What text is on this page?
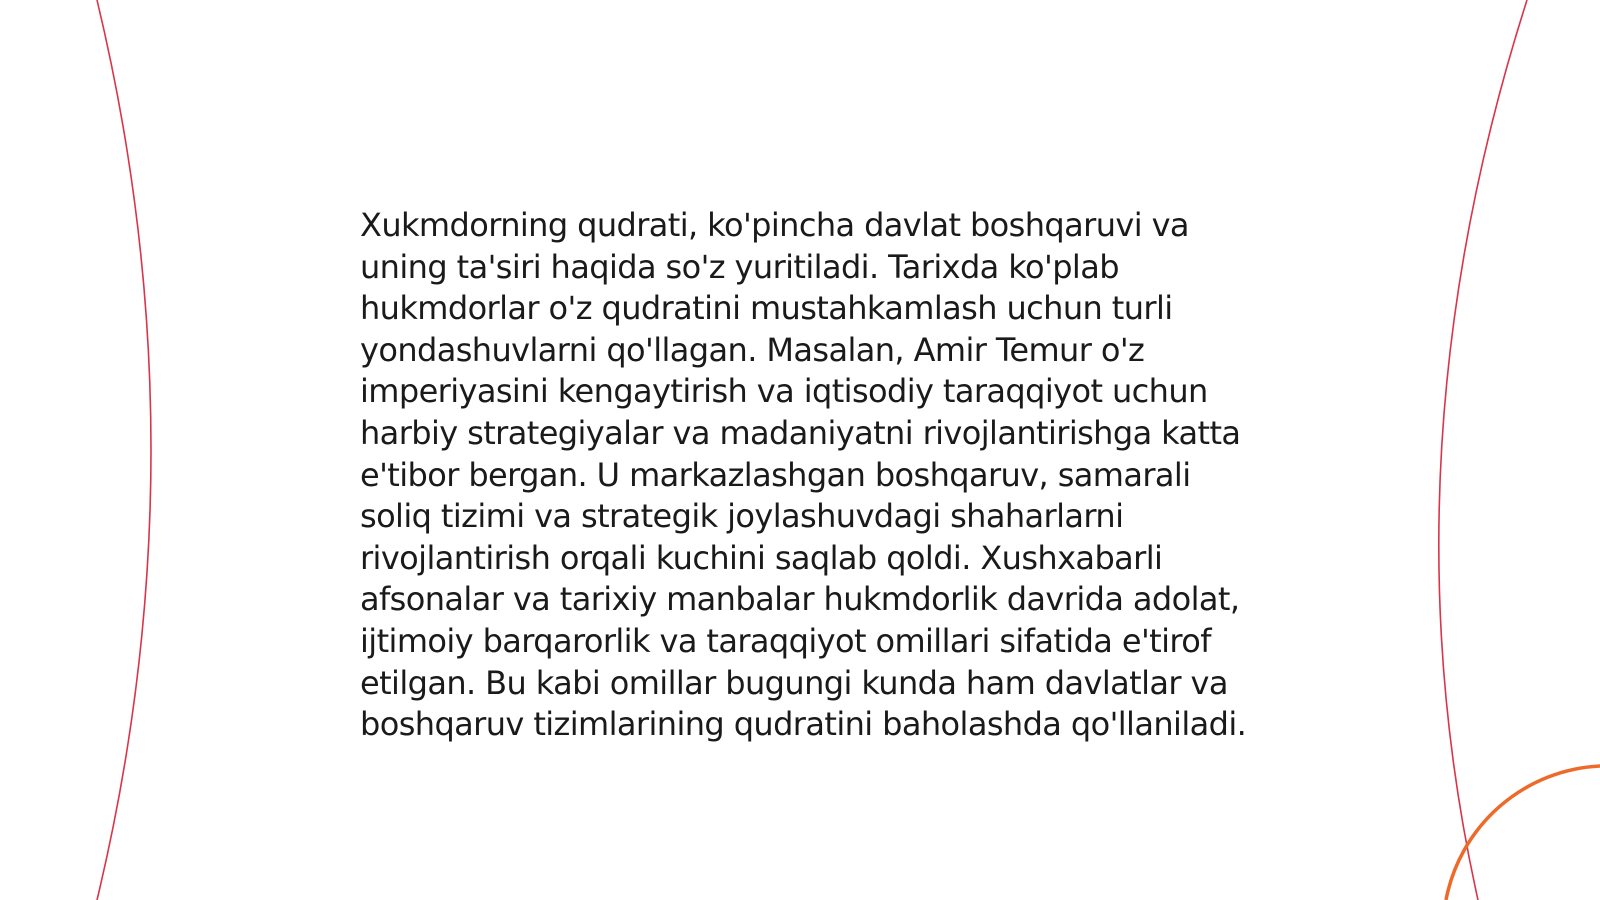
Xukmdorning qudrati, ko'pincha davlat boshqaruvi va uning ta'siri haqida so'z yuritiladi. Tarixda ko'plab hukmdorlar o'z qudratini mustahkamlash uchun turli yondashuvlarni qo'llagan. Masalan, Amir Temur o'z imperiyasini kengaytirish va iqtisodiy taraqqiyot uchun harbiy strategiyalar va madaniyatni rivojlantirishga katta e'tibor bergan. U markazlashgan boshqaruv, samarali soliq tizimi va strategik joylashuvdagi shaharlarni rivojlantirish orqali kuchini saqlab qoldi. Xushxabarli afsonalar va tarixiy manbalar hukmdorlik davrida adolat, ijtimoiy barqarorlik va taraqqiyot omillari sifatida e'tirof etilgan. Bu kabi omillar bugungi kunda ham davlatlar va boshqaruv tizimlarining qudratini baholashda qo'llaniladi.
